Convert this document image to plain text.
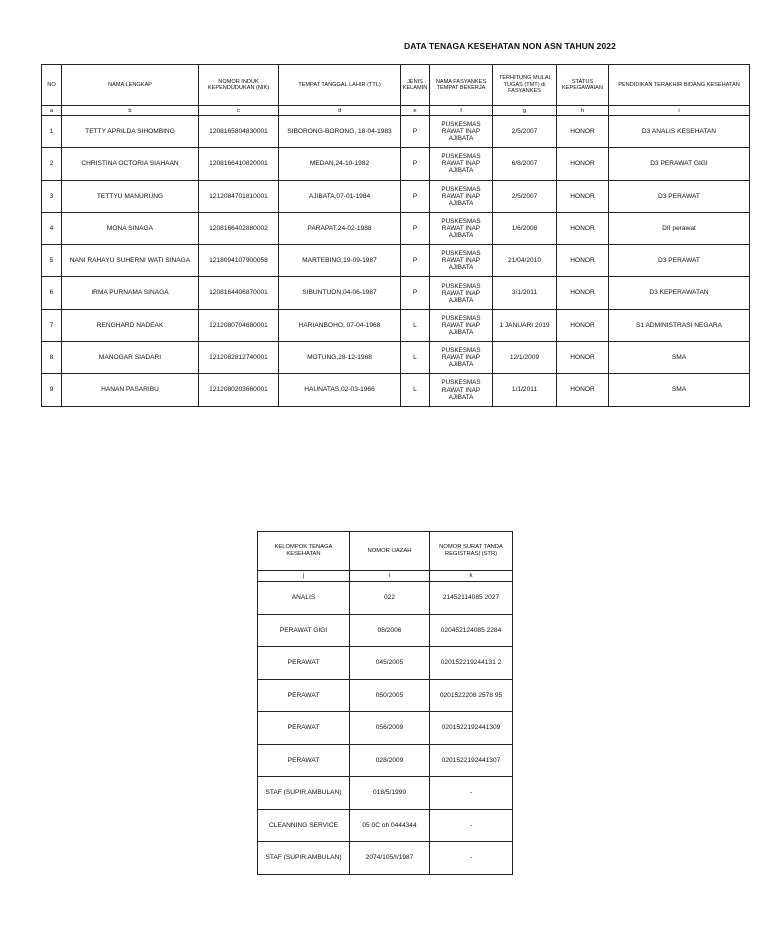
DATA TENAGA KESEHATAN NON ASN TAHUN 2022
NO	NAMA LENGKAP	NOMOR INDUK KEPENDUDUKAN (NIK)	TEMPAT TANGGAL LAHIR (TTL)	JENIS KELAMIN	NAMA FASYANKES TEMPAT BEKERJA	TERHITUNG MULAI TUGAS (TMT) di FASYANKES	STATUS KEPEGAWAIAN	PENDIDIKAN TERAKHIR BIDANG KESEHATAN
a	b	c	d	e	f	g	h	i
1	TETTY APRILDA SIHOMBING	1208165804830001	SIBORONG-BORONG, 18-04-1983	P	PUSKESMAS RAWAT INAP AJIBATA	2/5/2007	HONOR	D3 ANALIS KESEHATAN
2	CHRISTINA OCTORIA SIAHAAN	1208166410820001	MEDAN,24-10-1982	P	PUSKESMAS RAWAT INAP AJIBATA	6/8/2007	HONOR	D3 PERAWAT GIGI
3	TETTYU MANURUNG	1212084701810001	AJIBATA,07-01-1984	P	PUSKESMAS RAWAT INAP AJIBATA	2/5/2007	HONOR	D3 PERAWAT
4	MONA SINAGA	1208166402880002	PARAPAT,24-02-1988	P	PUSKESMAS RAWAT INAP AJIBATA	1/6/2008	HONOR	DII perawat
5	NANI RAHAYU SUHERNI WATI SINAGA	1218094107900058	MARTEBING,19-09-1987	P	PUSKESMAS RAWAT INAP AJIBATA	21/04/2010	HONOR	D3 PERAWAT
6	IRMA PURNAMA SINAGA	1208164406870001	SIBUNTUON,04-06-1987	P	PUSKESMAS RAWAT INAP AJIBATA	3/1/2011	HONOR	D3 KEPERAWATAN
7	RENGHARD NADEAK	1212080704680001	HARIANBOHO, 07-04-1968	L	PUSKESMAS RAWAT INAP AJIBATA	1 JANUARI 2019	HONOR	S1 ADMINISTRASI NEGARA
8	MANOGAR SIADARI	1212082812740001	MOTUNG,28-12-1968	L	PUSKESMAS RAWAT INAP AJIBATA	12/1/2009	HONOR	SMA
9	HANAN PASARIBU	1212080203660001	HAUNATAS,02-03-1966	L	PUSKESMAS RAWAT INAP AJIBATA	1/1/2011	HONOR	SMA
KELOMPOK TENAGA KESEHATAN	NOMOR IJAZAH	NOMOR SURAT TANDA REGISTRASI (STR)
j	i	k
ANALIS	022	21452114085 2027
PERAWAT GIGI	08/2006	020452124085 2284
PERAWAT	045/2005	020152219244131 2
PERAWAT	050/2005	0201522208 2578 95
PERAWAT	056/2009	0201522192441309
PERAWAT	028/2009	0201522192441307
STAF (SUPIR AMBULAN)	018/5/1999	-
CLEANNING SERVICE	05 0C oh 0444344	-
STAF (SUPIR AMBULAN)	2074/105/I/1987	-
